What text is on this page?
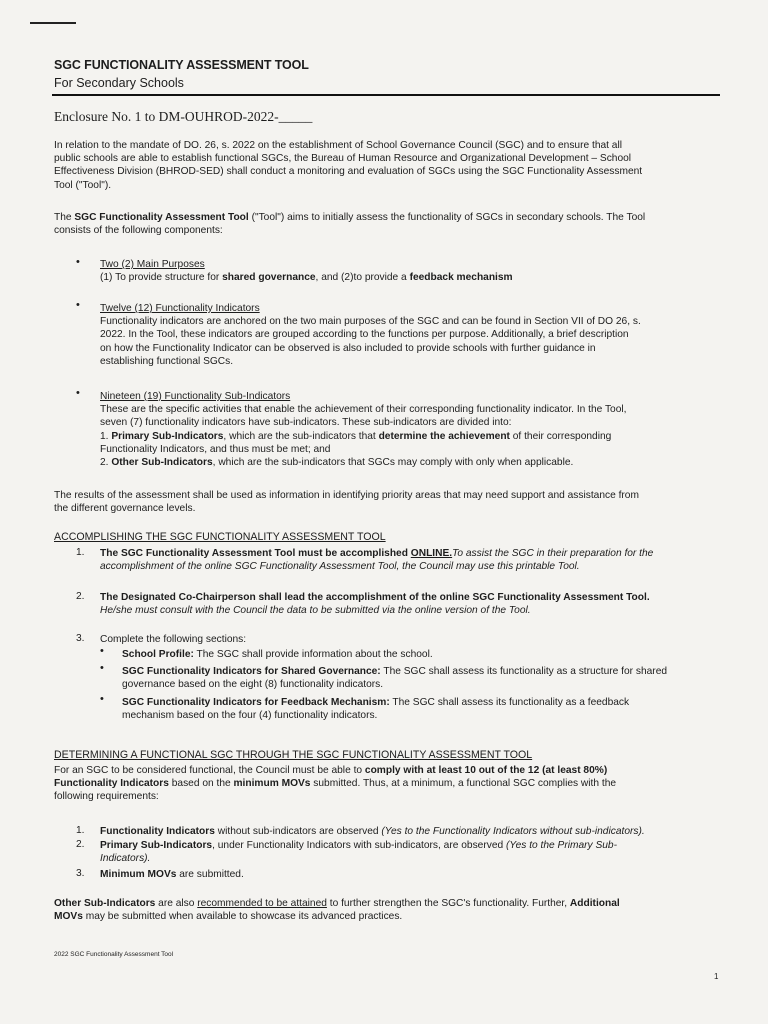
SGC FUNCTIONALITY ASSESSMENT TOOL
For Secondary Schools
Enclosure No. 1 to DM-OUHROD-2022-_____
In relation to the mandate of DO. 26, s. 2022 on the establishment of School Governance Council (SGC) and to ensure that all
public schools are able to establish functional SGCs, the Bureau of Human Resource and Organizational Development – School
Effectiveness Division (BHROD-SED) shall conduct a monitoring and evaluation of SGCs using the SGC Functionality Assessment
Tool ("Tool").
The SGC Functionality Assessment Tool ("Tool") aims to initially assess the functionality of SGCs in secondary schools. The Tool
consists of the following components:
• Two (2) Main Purposes
(1) To provide structure for shared governance, and (2)to provide a feedback mechanism
• Twelve (12) Functionality Indicators
Functionality indicators are anchored on the two main purposes of the SGC and can be found in Section VII of DO 26, s.
2022. In the Tool, these indicators are grouped according to the functions per purpose. Additionally, a brief description
on how the Functionality Indicator can be observed is also included to provide schools with further guidance in
establishing functional SGCs.
• Nineteen (19) Functionality Sub-Indicators
These are the specific activities that enable the achievement of their corresponding functionality indicator. In the Tool,
seven (7) functionality indicators have sub-indicators. These sub-indicators are divided into:
1. Primary Sub-Indicators, which are the sub-indicators that determine the achievement of their corresponding
Functionality Indicators, and thus must be met; and
2. Other Sub-Indicators, which are the sub-indicators that SGCs may comply with only when applicable.
The results of the assessment shall be used as information in identifying priority areas that may need support and assistance from
the different governance levels.
ACCOMPLISHING THE SGC FUNCTIONALITY ASSESSMENT TOOL
1. The SGC Functionality Assessment Tool must be accomplished ONLINE.To assist the SGC in their preparation for the
accomplishment of the online SGC Functionality Assessment Tool, the Council may use this printable Tool.
2. The Designated Co-Chairperson shall lead the accomplishment of the online SGC Functionality Assessment Tool.
He/she must consult with the Council the data to be submitted via the online version of the Tool.
3. Complete the following sections:
• School Profile: The SGC shall provide information about the school.
• SGC Functionality Indicators for Shared Governance: The SGC shall assess its functionality as a structure for shared
governance based on the eight (8) functionality indicators.
• SGC Functionality Indicators for Feedback Mechanism: The SGC shall assess its functionality as a feedback
mechanism based on the four (4) functionality indicators.
DETERMINING A FUNCTIONAL SGC THROUGH THE SGC FUNCTIONALITY ASSESSMENT TOOL
For an SGC to be considered functional, the Council must be able to comply with at least 10 out of the 12 (at least 80%)
Functionality Indicators based on the minimum MOVs submitted. Thus, at a minimum, a functional SGC complies with the
following requirements:
1. Functionality Indicators without sub-indicators are observed (Yes to the Functionality Indicators without sub-indicators).
2. Primary Sub-Indicators, under Functionality Indicators with sub-indicators, are observed (Yes to the Primary Sub-
Indicators).
3. Minimum MOVs are submitted.
Other Sub-Indicators are also recommended to be attained to further strengthen the SGC's functionality. Further, Additional
MOVs may be submitted when available to showcase its advanced practices.
2022 SGC Functionality Assessment Tool
1
